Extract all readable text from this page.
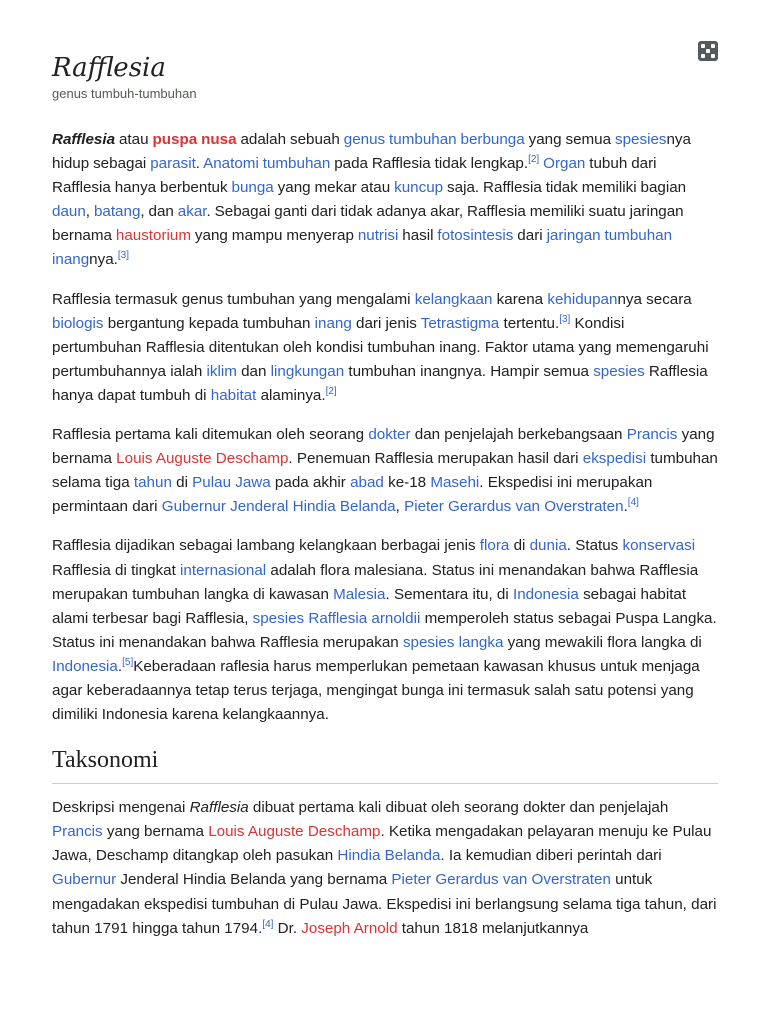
Rafflesia
genus tumbuh-tumbuhan

Rafflesia atau puspa nusa adalah sebuah genus tumbuhan berbunga yang semua spesiesnya hidup sebagai parasit. Anatomi tumbuhan pada Rafflesia tidak lengkap.[2] Organ tubuh dari Rafflesia hanya berbentuk bunga yang mekar atau kuncup saja. Rafflesia tidak memiliki bagian daun, batang, dan akar. Sebagai ganti dari tidak adanya akar, Rafflesia memiliki suatu jaringan bernama haustorium yang mampu menyerap nutrisi hasil fotosintesis dari jaringan tumbuhan inangnya.[3]

Rafflesia termasuk genus tumbuhan yang mengalami kelangkaan karena kehidupannya secara biologis bergantung kepada tumbuhan inang dari jenis Tetrastigma tertentu.[3] Kondisi pertumbuhan Rafflesia ditentukan oleh kondisi tumbuhan inang. Faktor utama yang memengaruhi pertumbuhannya ialah iklim dan lingkungan tumbuhan inangnya. Hampir semua spesies Rafflesia hanya dapat tumbuh di habitat alaminya.[2]

Rafflesia pertama kali ditemukan oleh seorang dokter dan penjelajah berkebangsaan Prancis yang bernama Louis Auguste Deschamp. Penemuan Rafflesia merupakan hasil dari ekspedisi tumbuhan selama tiga tahun di Pulau Jawa pada akhir abad ke-18 Masehi. Ekspedisi ini merupakan permintaan dari Gubernur Jenderal Hindia Belanda, Pieter Gerardus van Overstraten.[4]

Rafflesia dijadikan sebagai lambang kelangkaan berbagai jenis flora di dunia. Status konservasi Rafflesia di tingkat internasional adalah flora malesiana. Status ini menandakan bahwa Rafflesia merupakan tumbuhan langka di kawasan Malesia. Sementara itu, di Indonesia sebagai habitat alami terbesar bagi Rafflesia, spesies Rafflesia arnoldii memperoleh status sebagai Puspa Langka. Status ini menandakan bahwa Rafflesia merupakan spesies langka yang mewakili flora langka di Indonesia.[5]Keberadaan raflesia harus memperlukan pemetaan kawasan khusus untuk menjaga agar keberadaannya tetap terus terjaga, mengingat bunga ini termasuk salah satu potensi yang dimiliki Indonesia karena kelangkaannya.

Taksonomi

Deskripsi mengenai Rafflesia dibuat pertama kali dibuat oleh seorang dokter dan penjelajah Prancis yang bernama Louis Auguste Deschamp. Ketika mengadakan pelayaran menuju ke Pulau Jawa, Deschamp ditangkap oleh pasukan Hindia Belanda. Ia kemudian diberi perintah dari Gubernur Jenderal Hindia Belanda yang bernama Pieter Gerardus van Overstraten untuk mengadakan ekspedisi tumbuhan di Pulau Jawa. Ekspedisi ini berlangsung selama tiga tahun, dari tahun 1791 hingga tahun 1794.[4] Dr. Joseph Arnold tahun 1818 melanjutkannya
